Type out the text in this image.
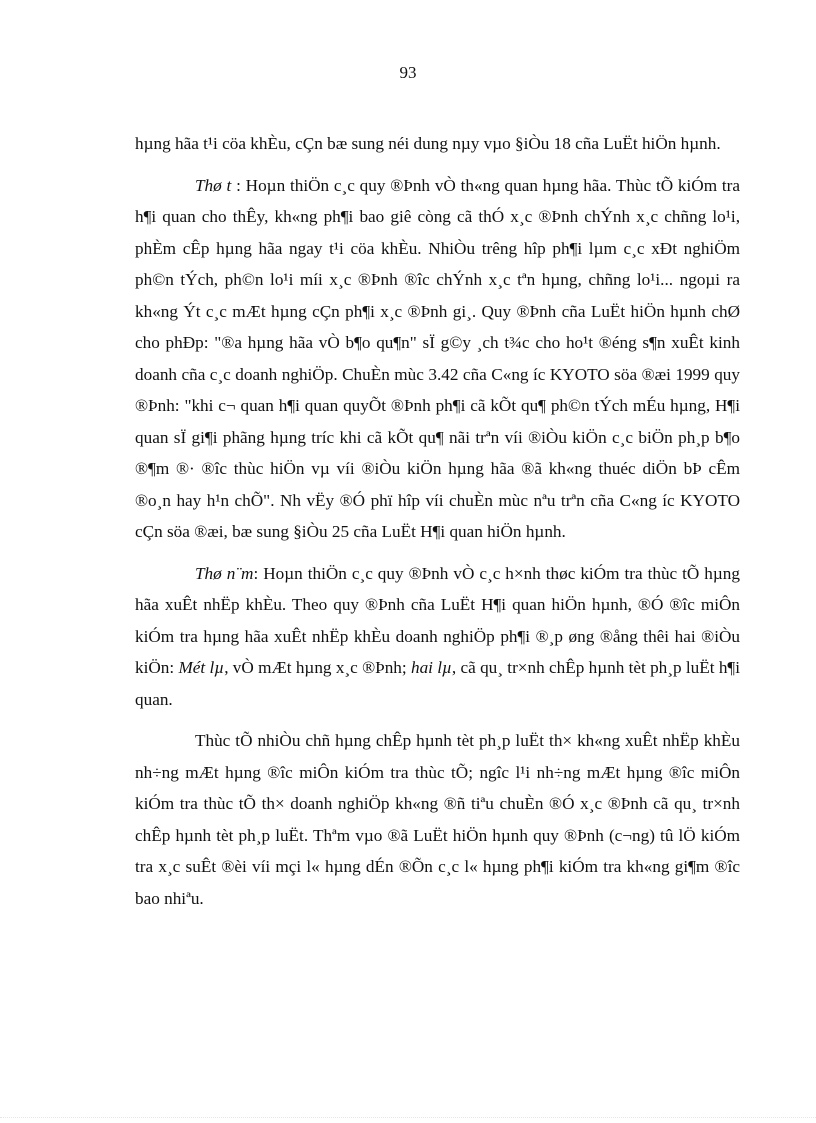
93

hµng hãa t¹i cöa khÈu, cÇn bæ sung néi dung nµy vµo §iÒu 18 cña LuËt hiÖn hµnh.

Thø t : Hoµn thiÖn c¸c quy ®Þnh vÒ th«ng quan hµng hãa. Thùc tÕ kiÓm tra h¶i quan cho thÊy, kh«ng ph¶i bao giê còng cã thÓ x¸c ®Þnh chÝnh x¸c chñng lo¹i, phÈm cÊp hµng hãa ngay t¹i cöa khÈu. NhiÒu trêng hîp ph¶i lµm c¸c xÐt nghiÖm ph©n tÝch, ph©n lo¹i míi x¸c ®Þnh ®îc chÝnh x¸c tªn hµng, chñng lo¹i... ngoµi ra kh«ng Ýt c¸c mÆt hµng cÇn ph¶i x¸c ®Þnh gi¸. Quy ®Þnh cña LuËt hiÖn hµnh chØ cho phÐp: "®a hµng hãa vÒ b¶o qu¶n" sÏ g©y ¸ch t¾c cho ho¹t ®éng s¶n xuÊt kinh doanh cña c¸c doanh nghiÖp. ChuÈn mùc 3.42 cña C«ng íc KYOTO söa ®æi 1999 quy ®Þnh: "khi c¬ quan h¶i quan quyÕt ®Þnh ph¶i cã kÕt qu¶ ph©n tÝch mÉu hµng, H¶i quan sÏ gi¶i phãng hµng tríc khi cã kÕt qu¶ nãi trªn víi ®iÒu kiÖn c¸c biÖn ph¸p b¶o ®¶m ®· ®îc thùc hiÖn vµ víi ®iÒu kiÖn hµng hãa ®ã kh«ng thuéc diÖn bÞ cÊm ®o¸n hay h¹n chÕ". Nh vËy ®Ó phï hîp víi chuÈn mùc nªu trªn cña C«ng íc KYOTO cÇn söa ®æi, bæ sung §iÒu 25 cña LuËt H¶i quan hiÖn hµnh.

Thø n¨m: Hoµn thiÖn c¸c quy ®Þnh vÒ c¸c h×nh thøc kiÓm tra thùc tÕ hµng hãa xuÊt nhËp khÈu. Theo quy ®Þnh cña LuËt H¶i quan hiÖn hµnh, ®Ó ®îc miÔn kiÓm tra hµng hãa xuÊt nhËp khÈu doanh nghiÖp ph¶i ®¸p øng ®ång thêi hai ®iÒu kiÖn: Mét lµ, vÒ mÆt hµng x¸c ®Þnh; hai lµ, cã qu¸ tr×nh chÊp hµnh tèt ph¸p luËt h¶i quan.

Thùc tÕ nhiÒu chñ hµng chÊp hµnh tèt ph¸p luËt th× kh«ng xuÊt nhËp khÈu nh÷ng mÆt hµng ®îc miÔn kiÓm tra thùc tÕ; ngîc l¹i nh÷ng mÆt hµng ®îc miÔn kiÓm tra thùc tÕ th× doanh nghiÖp kh«ng ®ñ tiªu chuÈn ®Ó x¸c ®Þnh cã qu¸ tr×nh chÊp hµnh tèt ph¸p luËt. Thªm vµo ®ã LuËt hiÖn hµnh quy ®Þnh (c¬ng) tû lÖ kiÓm tra x¸c suÊt ®èi víi mçi l« hµng dÉn ®Õn c¸c l« hµng ph¶i kiÓm tra kh«ng gi¶m ®îc bao nhiªu.
